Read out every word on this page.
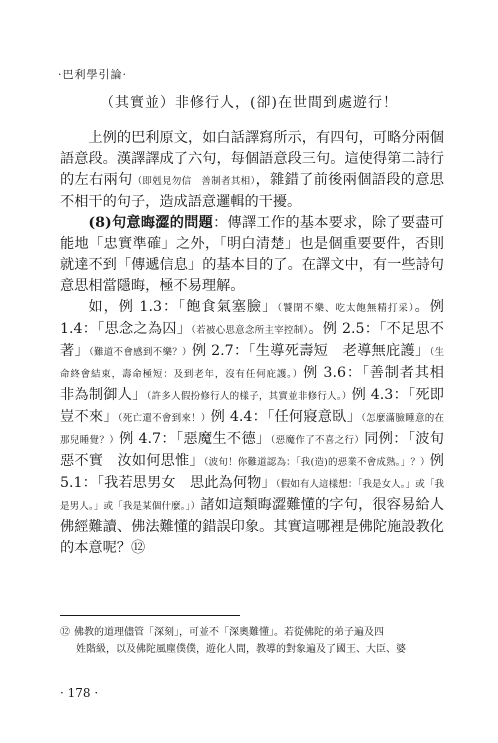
·巴利學引論·
（其實並）非修行人，(卻)在世間到處遊行！

上例的巴利原文，如白話譯寫所示，有四句，可略分兩個語意段。漢譯譯成了六句，每個語意段三句。這使得第二詩行的左右兩句（即剋見勿信　善制者其相），雜錯了前後兩個語段的意思不相干的句子，造成語意邏輯的干擾。

(8)句意晦澀的問題：傳譯工作的基本要求，除了要盡可能地「忠實準確」之外，「明白清楚」也是個重要要件，否則就達不到「傳遞信息」的基本目的了。在譯文中，有一些詩句意思相當隱晦，極不易理解。

如，例 1.3：「飽食氣塞臉」（饕閉不樂、吃太飽無精打采）。例 1.4：「思念之為囚」（若被心思意念所主宰控制）。例 2.5：「不足思不著」（難道不會感到不樂？）例 2.7：「生導死壽短　老導無庇護」（生命終會結束，壽命極短：及到老年，沒有任何庇護。）例 3.6：「善制者其相　非為制御人」（許多人假扮修行人的樣子，其實並非修行人。）例 4.3：「死即豈不來」（死亡還不會到來！）例 4.4：「任何寢意臥」（怎麼滿臉睡意的在那兒睡覺？）例 4.7：「惡魔生不德」（惡魔作了不喜之行）同例：「波旬惡不實　汝如何思惟」（波旬！你難道認為：「我(造)的惡業不會成熟。」？）例 5.1：「我若思男女　思此為何物」（假如有人這樣想：「我是女人。」或「我是男人。」或「我是某個什麼。」）諸如這類晦澀難懂的字句，很容易給人佛經難讀、佛法難懂的錯誤印象。其實這哪裡是佛陀施設教化的本意呢？⑫

⑫ 佛教的道理儘管「深刻」，可並不「深奧難懂」。若從佛陀的弟子遍及四
姓階級，以及佛陀風塵僕僕，遊化人間，教導的對象遍及了國王、大臣、婆
· 178 ·
